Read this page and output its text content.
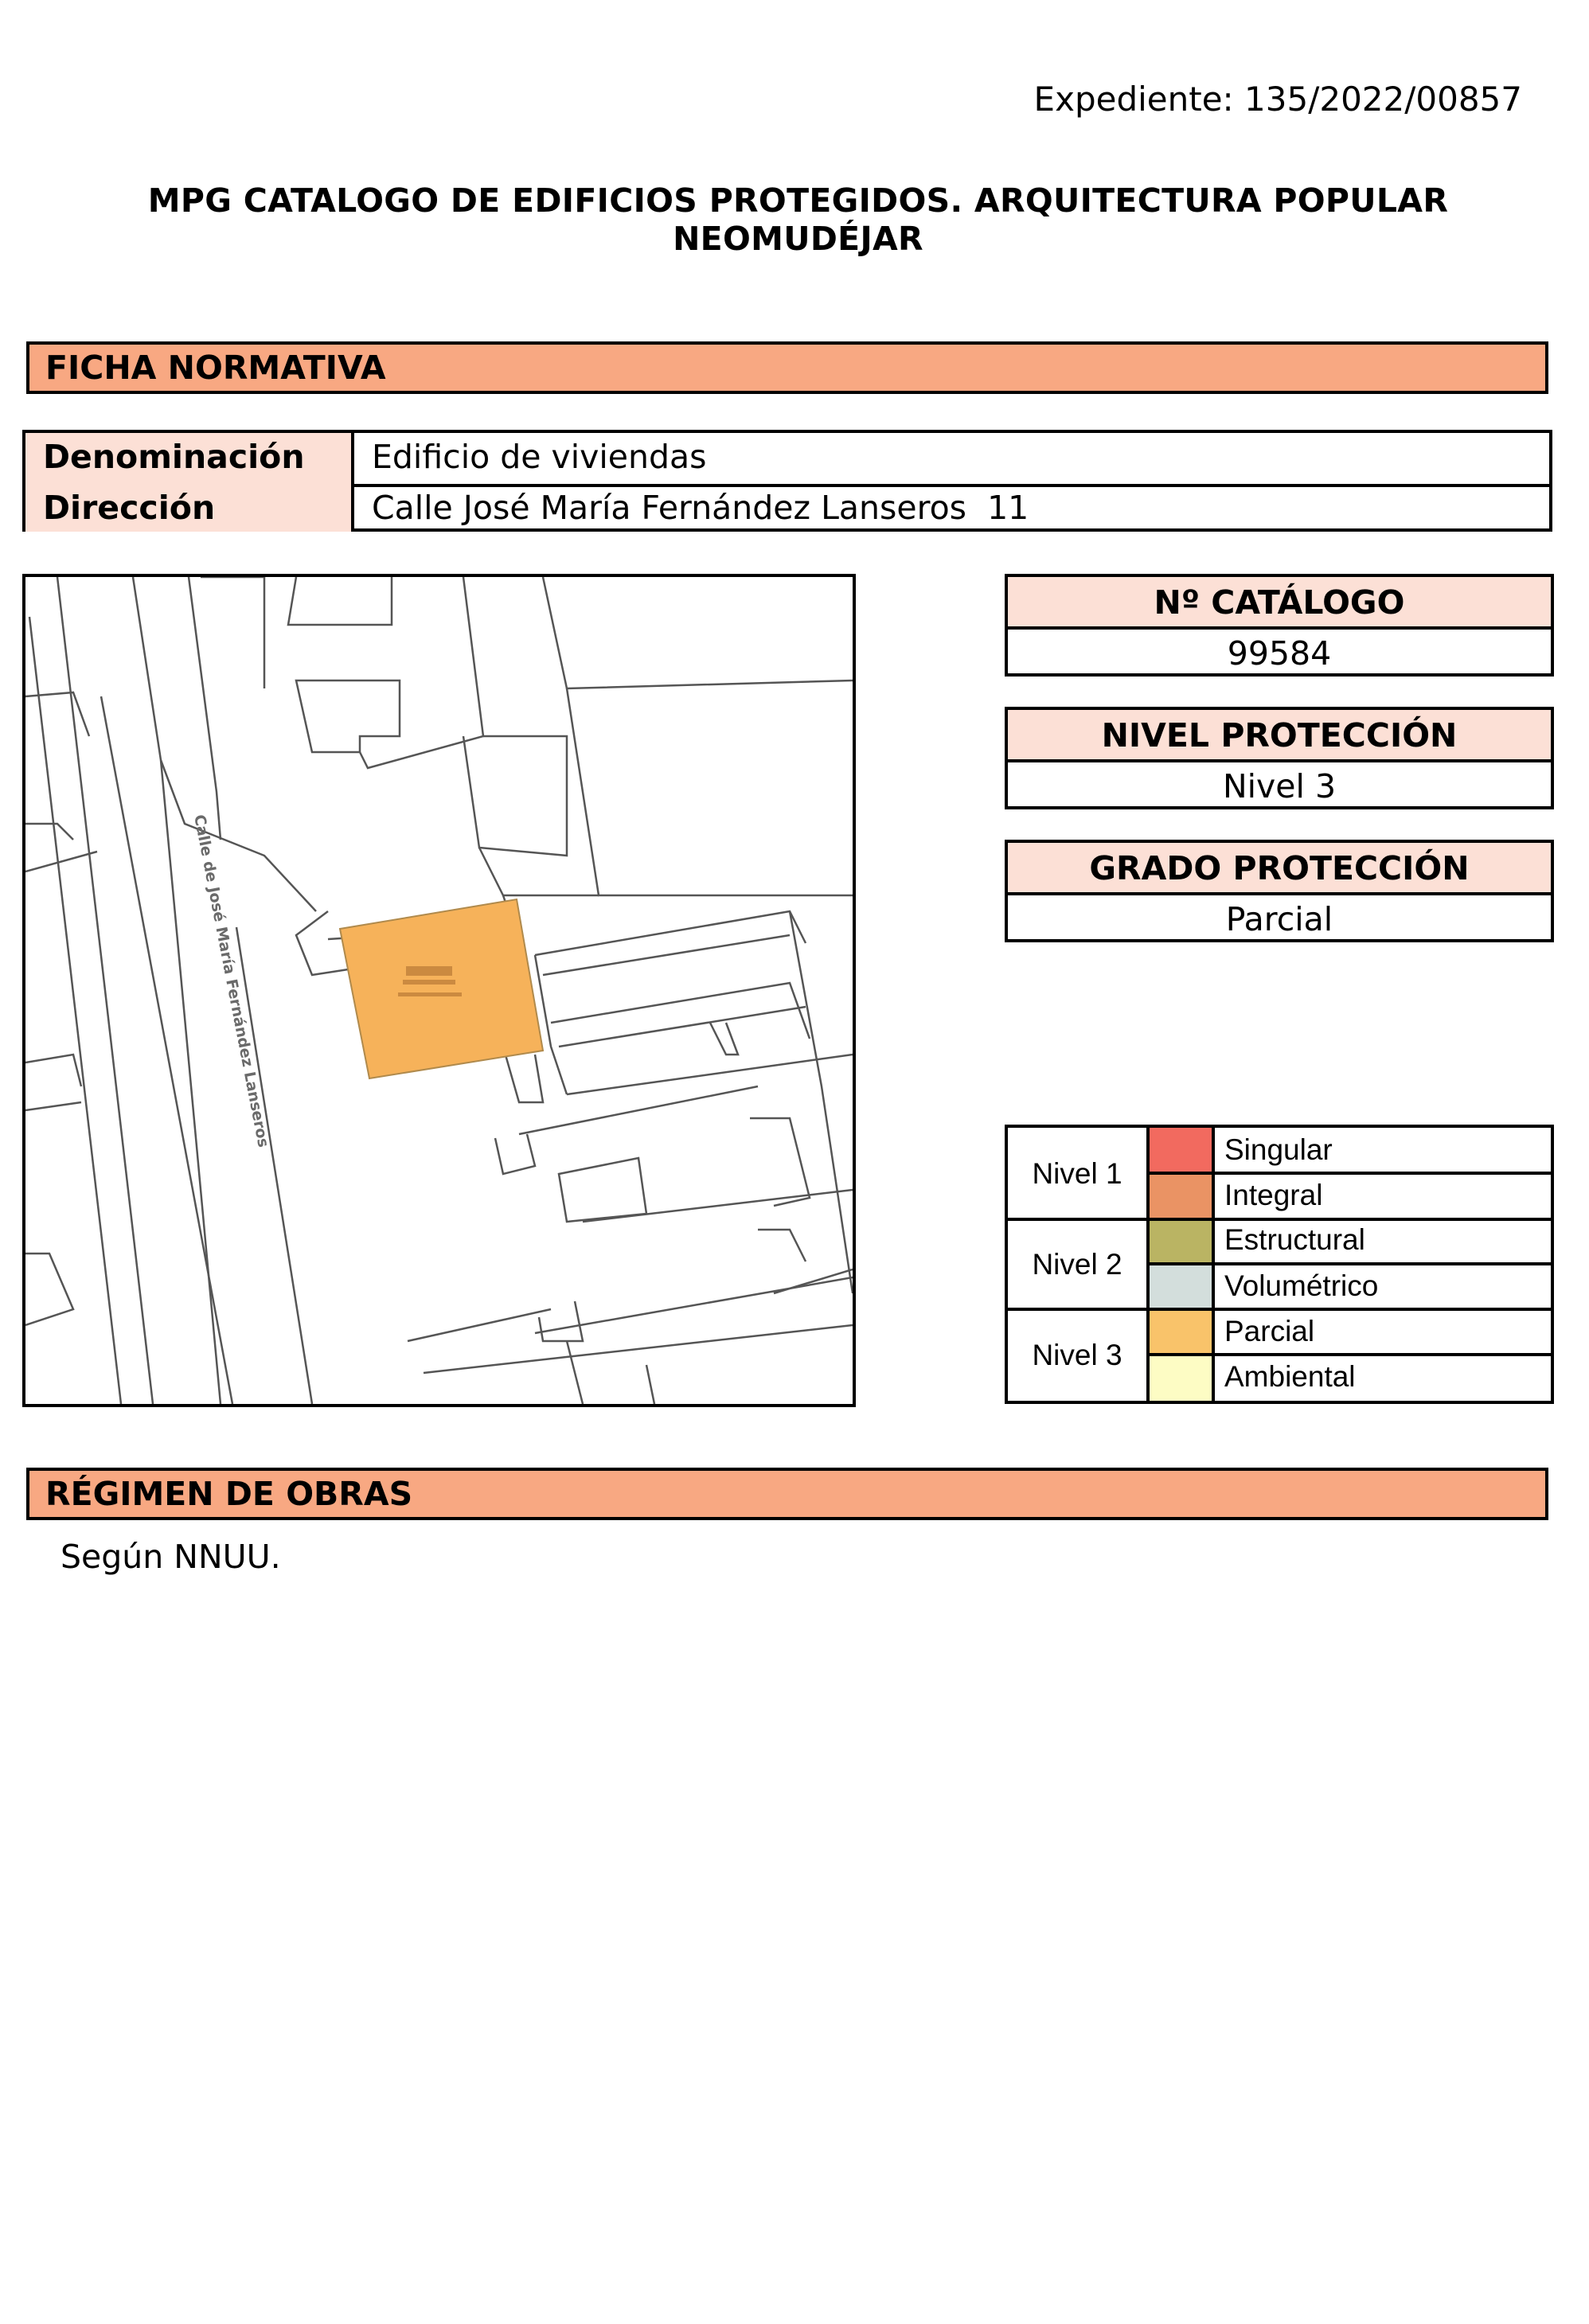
Expediente: 135/2022/00857
MPG CATALOGO DE EDIFICIOS PROTEGIDOS. ARQUITECTURA POPULAR NEOMUDÉJAR
FICHA NORMATIVA
Denominación	Edificio de viviendas
Dirección	Calle José María Fernández Lanseros  11
Calle de José María Fernández Lanseros
Nº CATÁLOGO
99584
NIVEL PROTECCIÓN
Nivel 3
GRADO PROTECCIÓN
Parcial
Nivel 1
Singular
Integral
Nivel 2
Estructural
Volumétrico
Nivel 3
Parcial
Ambiental
RÉGIMEN DE OBRAS
Según NNUU.
